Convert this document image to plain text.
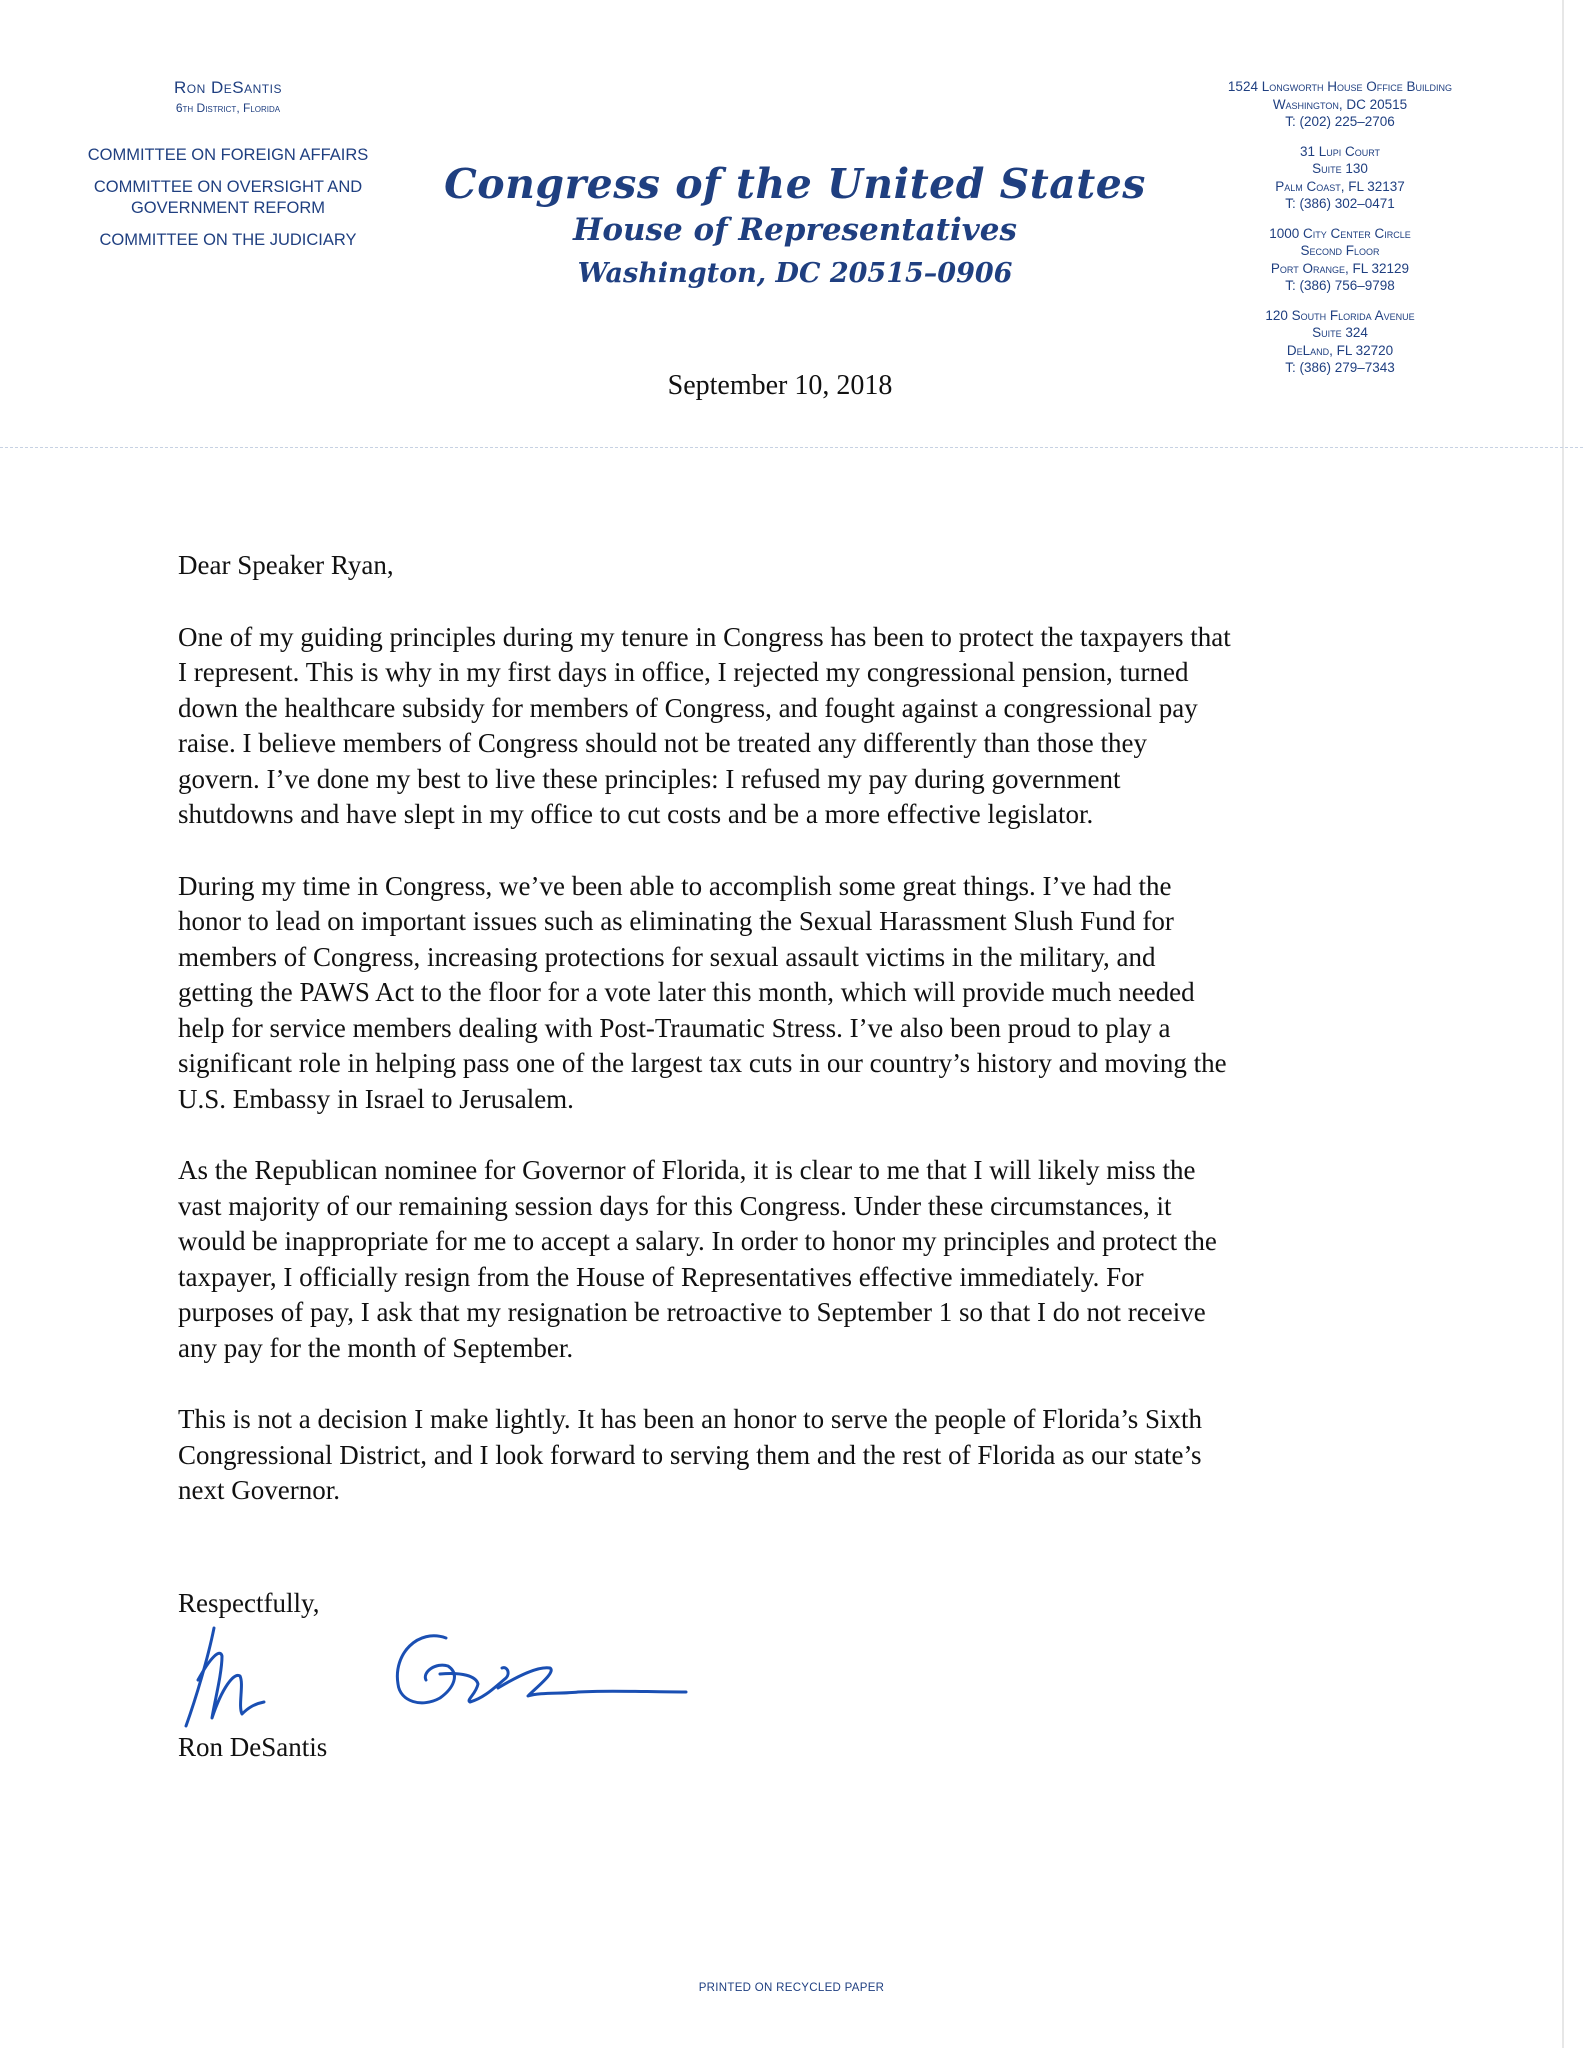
Ron DeSantis
6th District, Florida
COMMITTEE ON FOREIGN AFFAIRS
COMMITTEE ON OVERSIGHT AND GOVERNMENT REFORM
COMMITTEE ON THE JUDICIARY
Congress of the United States
House of Representatives
Washington, DC 20515–0906
September 10, 2018
1524 Longworth House Office Building
Washington, DC 20515
T: (202) 225–2706
31 Lupi Court
Suite 130
Palm Coast, FL 32137
T: (386) 302–0471
1000 City Center Circle
Second Floor
Port Orange, FL 32129
T: (386) 756–9798
120 South Florida Avenue
Suite 324
DeLand, FL 32720
T: (386) 279–7343

Dear Speaker Ryan,

One of my guiding principles during my tenure in Congress has been to protect the taxpayers that
I represent. This is why in my first days in office, I rejected my congressional pension, turned
down the healthcare subsidy for members of Congress, and fought against a congressional pay
raise. I believe members of Congress should not be treated any differently than those they
govern. I’ve done my best to live these principles: I refused my pay during government
shutdowns and have slept in my office to cut costs and be a more effective legislator.

During my time in Congress, we’ve been able to accomplish some great things. I’ve had the
honor to lead on important issues such as eliminating the Sexual Harassment Slush Fund for
members of Congress, increasing protections for sexual assault victims in the military, and
getting the PAWS Act to the floor for a vote later this month, which will provide much needed
help for service members dealing with Post-Traumatic Stress. I’ve also been proud to play a
significant role in helping pass one of the largest tax cuts in our country’s history and moving the
U.S. Embassy in Israel to Jerusalem.

As the Republican nominee for Governor of Florida, it is clear to me that I will likely miss the
vast majority of our remaining session days for this Congress. Under these circumstances, it
would be inappropriate for me to accept a salary. In order to honor my principles and protect the
taxpayer, I officially resign from the House of Representatives effective immediately. For
purposes of pay, I ask that my resignation be retroactive to September 1 so that I do not receive
any pay for the month of September.

This is not a decision I make lightly. It has been an honor to serve the people of Florida’s Sixth
Congressional District, and I look forward to serving them and the rest of Florida as our state’s
next Governor.

Respectfully,
Ron DeSantis
PRINTED ON RECYCLED PAPER
